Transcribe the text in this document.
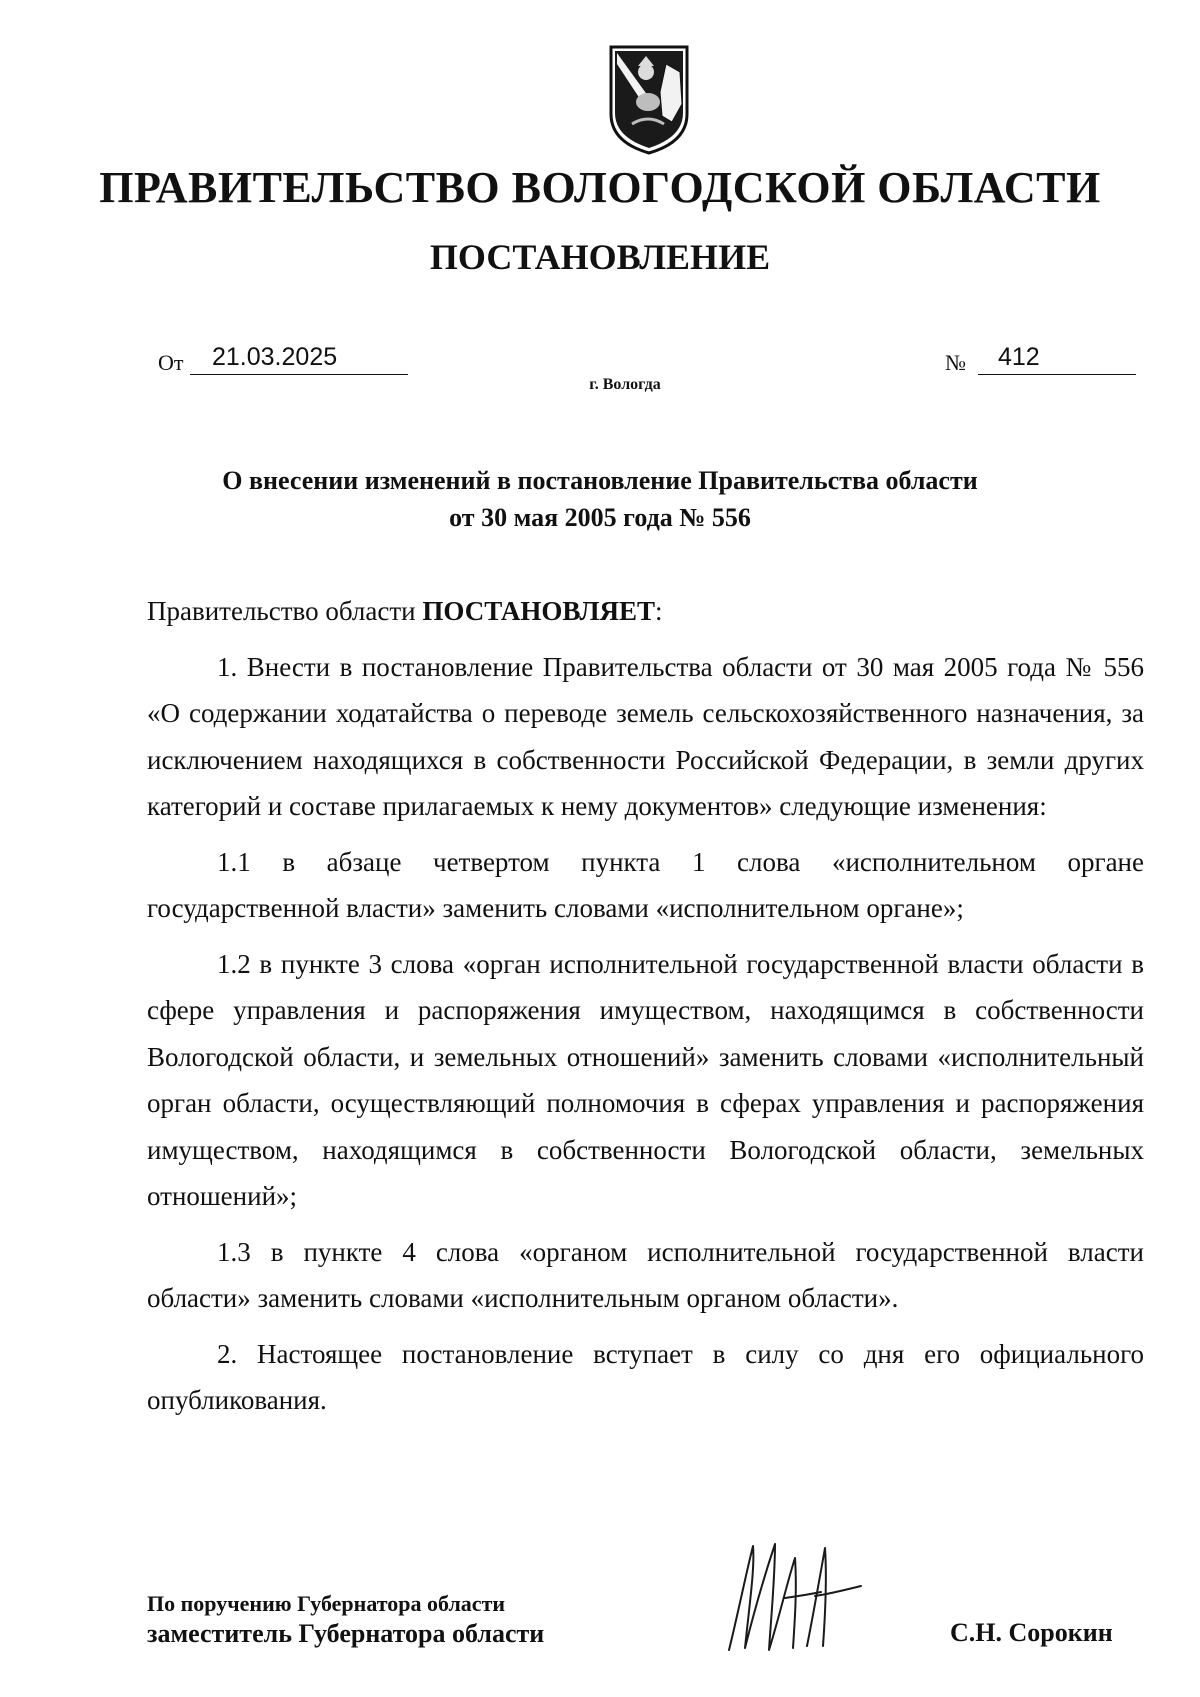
ПРАВИТЕЛЬСТВО ВОЛОГОДСКОЙ ОБЛАСТИ
ПОСТАНОВЛЕНИЕ
От	21.03.2025	№	412
г. Вологда
О внесении изменений в постановление Правительства области
от 30 мая 2005 года № 556

Правительство области ПОСТАНОВЛЯЕТ:

1. Внести в постановление Правительства области от 30 мая 2005 года № 556 «О содержании ходатайства о переводе земель сельскохозяйственного назначения, за исключением находящихся в собственности Российской Федерации, в земли других категорий и составе прилагаемых к нему документов» следующие изменения:

1.1 в абзаце четвертом пункта 1 слова «исполнительном органе государственной власти» заменить словами «исполнительном органе»;

1.2 в пункте 3 слова «орган исполнительной государственной власти области в сфере управления и распоряжения имуществом, находящимся в собственности Вологодской области, и земельных отношений» заменить словами «исполнительный орган области, осуществляющий полномочия в сферах управления и распоряжения имуществом, находящимся в собственности Вологодской области, земельных отношений»;

1.3 в пункте 4 слова «органом исполнительной государственной власти области» заменить словами «исполнительным органом области».

2. Настоящее постановление вступает в силу со дня его официального опубликования.

По поручению Губернатора области
заместитель Губернатора области	С.Н. Сорокин
